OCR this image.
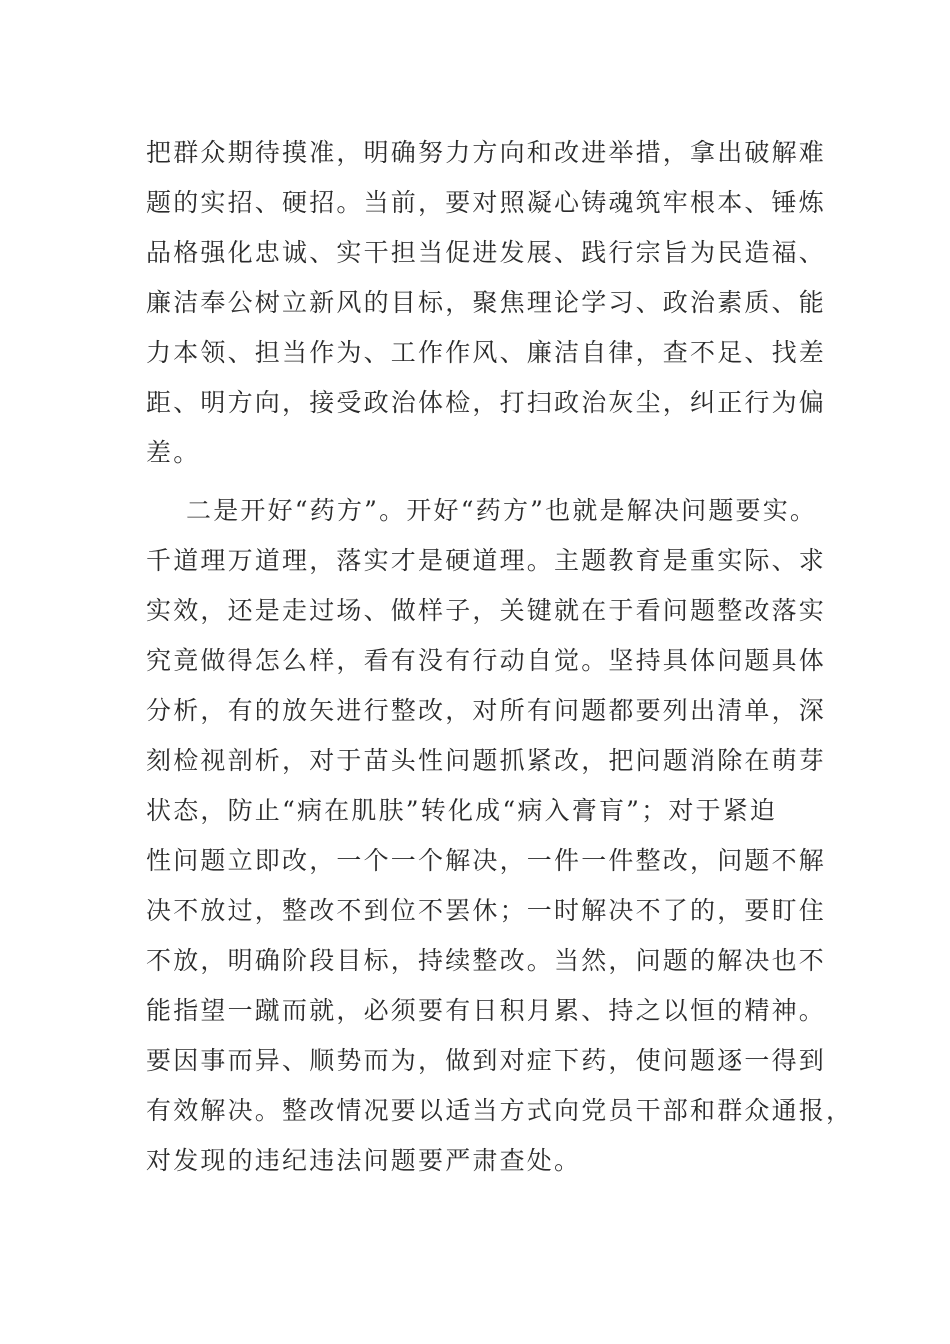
把群众期待摸准，明确努力方向和改进举措，拿出破解难
题的实招、硬招。当前，要对照凝心铸魂筑牢根本、锤炼
品格强化忠诚、实干担当促进发展、践行宗旨为民造福、
廉洁奉公树立新风的目标，聚焦理论学习、政治素质、能
力本领、担当作为、工作作风、廉洁自律，查不足、找差
距、明方向，接受政治体检，打扫政治灰尘，纠正行为偏
差。
二是开好“药方”。开好“药方”也就是解决问题要实。
千道理万道理，落实才是硬道理。主题教育是重实际、求
实效，还是走过场、做样子，关键就在于看问题整改落实
究竟做得怎么样，看有没有行动自觉。坚持具体问题具体
分析，有的放矢进行整改，对所有问题都要列出清单，深
刻检视剖析，对于苗头性问题抓紧改，把问题消除在萌芽
状态，防止“病在肌肤”转化成“病入膏肓”；对于紧迫
性问题立即改，一个一个解决，一件一件整改，问题不解
决不放过，整改不到位不罢休；一时解决不了的，要盯住
不放，明确阶段目标，持续整改。当然，问题的解决也不
能指望一蹴而就，必须要有日积月累、持之以恒的精神。
要因事而异、顺势而为，做到对症下药，使问题逐一得到
有效解决。整改情况要以适当方式向党员干部和群众通报，
对发现的违纪违法问题要严肃查处。
